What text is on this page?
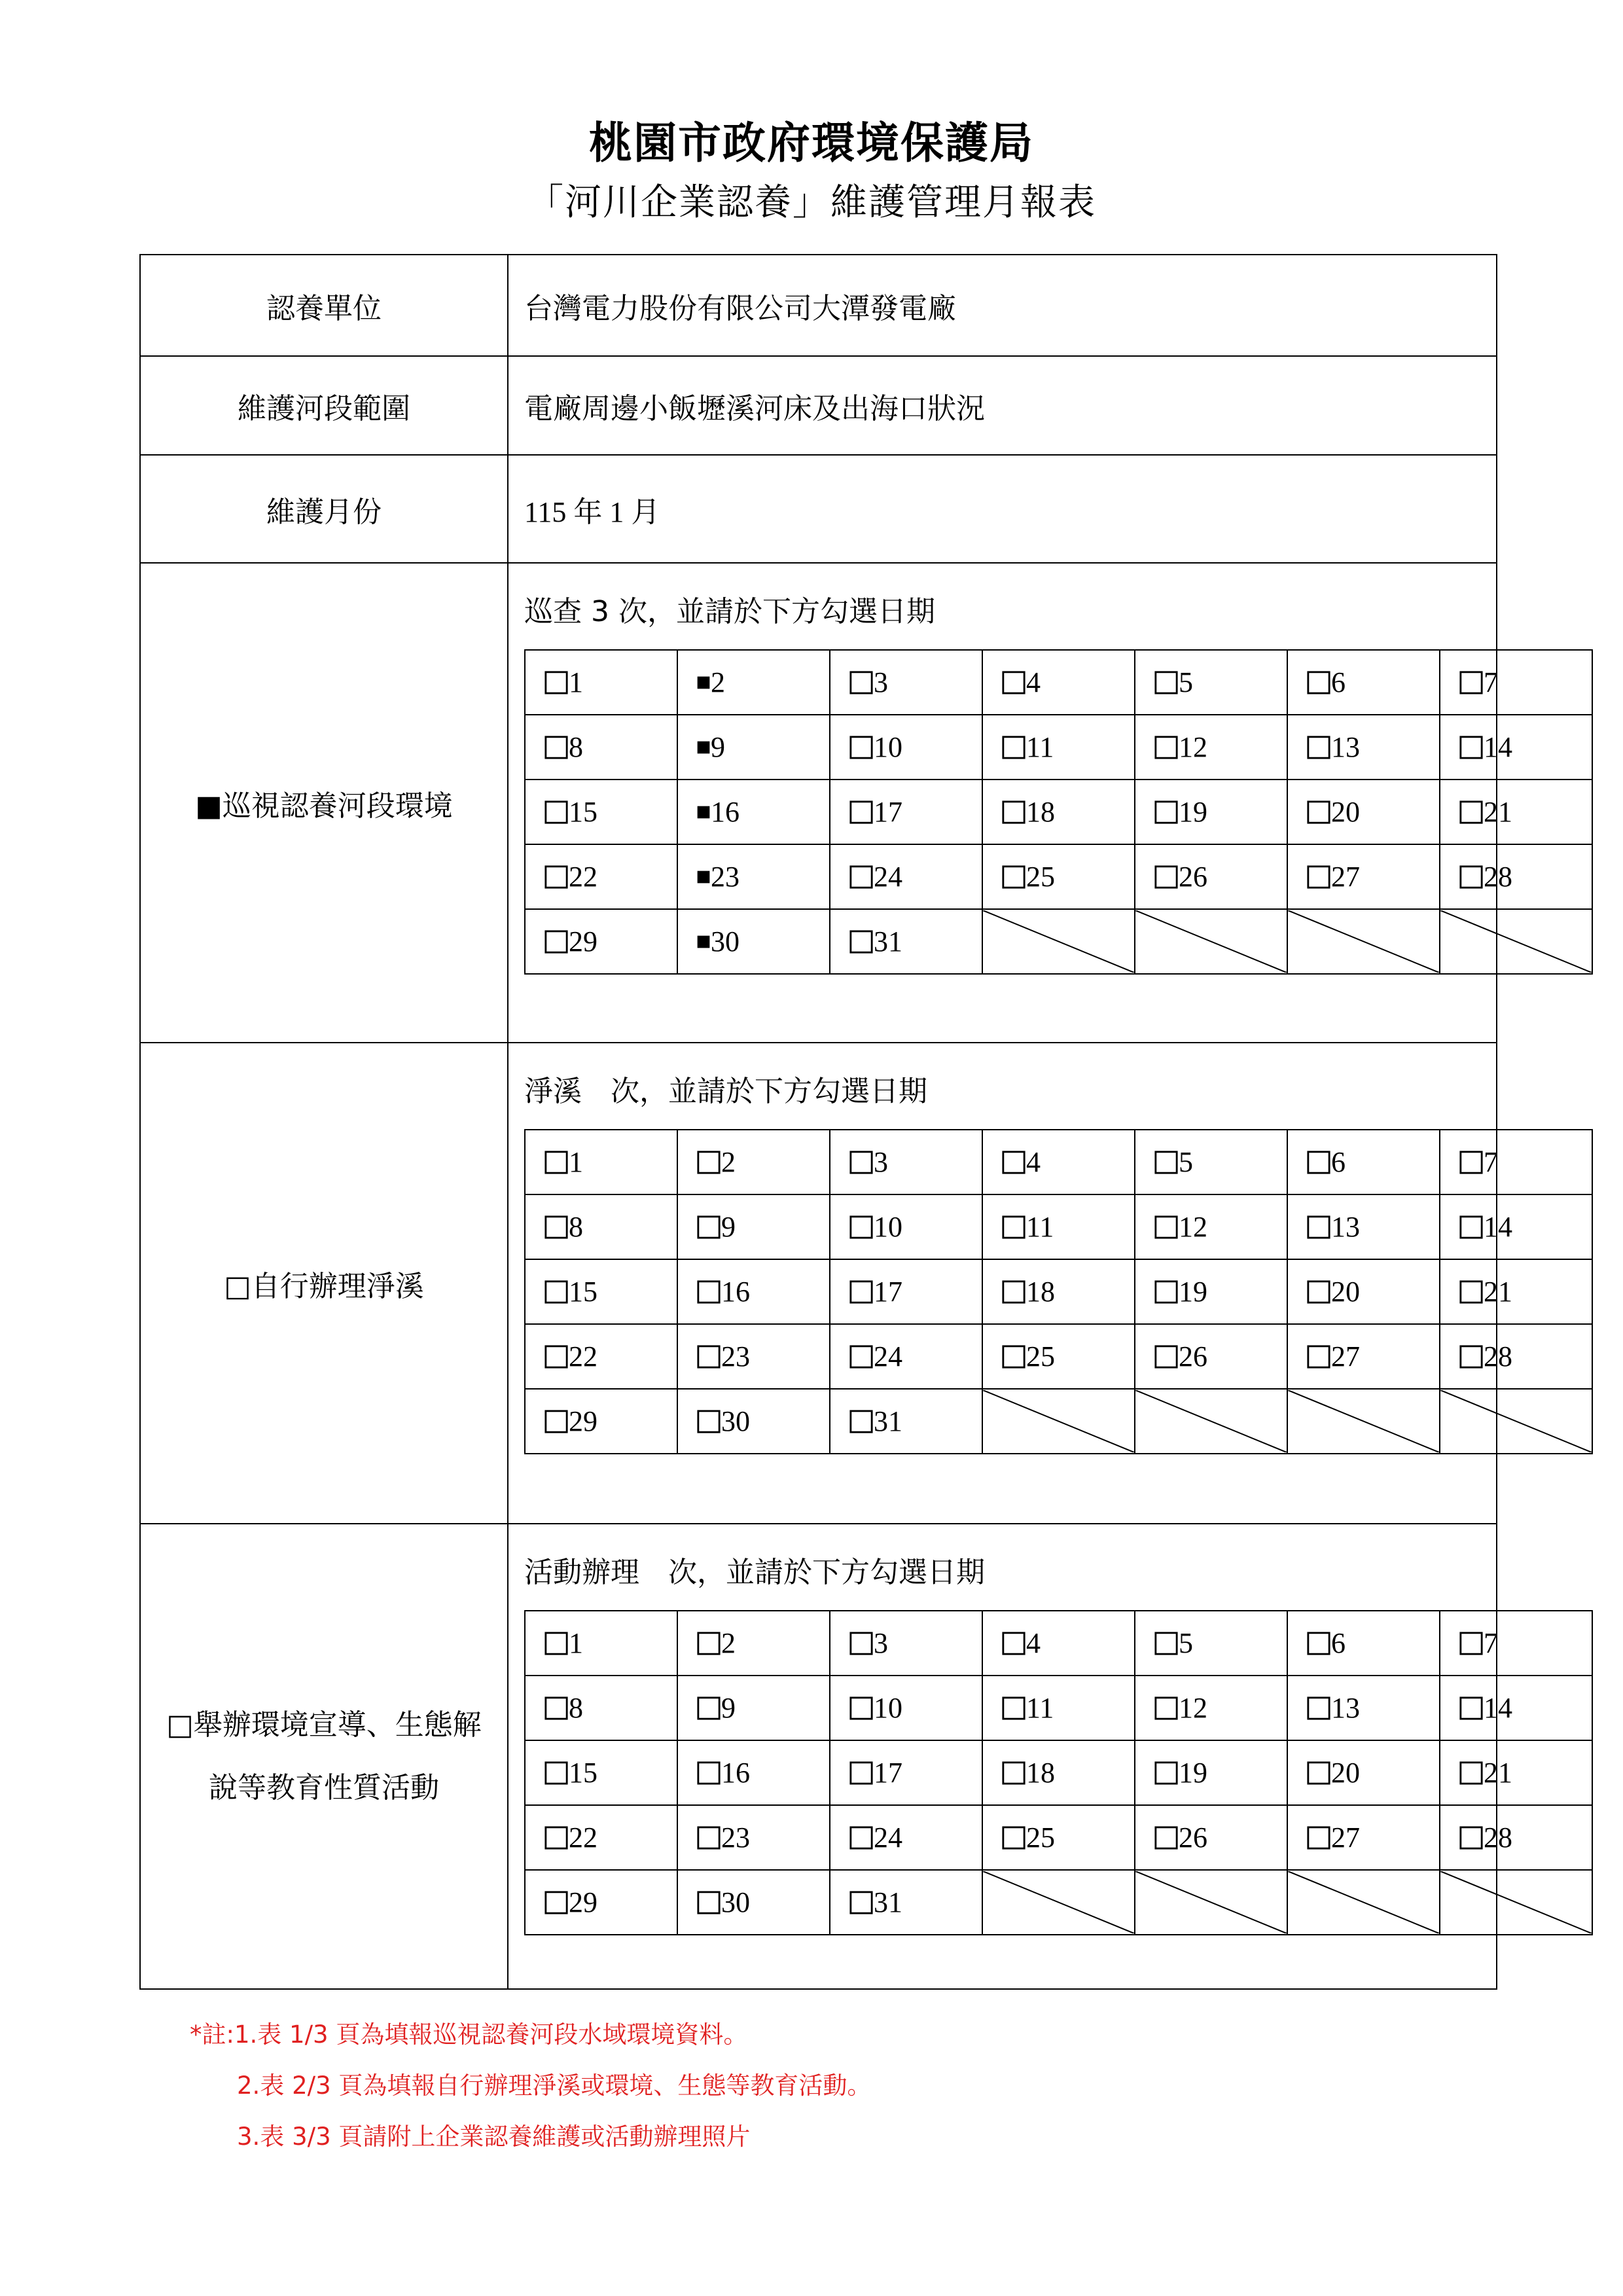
桃園市政府環境保護局
「河川企業認養」維護管理月報表
認養單位	台灣電力股份有限公司大潭發電廠
維護河段範圍	電廠周邊小飯壢溪河床及出海口狀況
維護月份	115 年 1 月
■巡視認養河段環境	
巡查 3 次，並請於下方勾選日期
1	2	3	4	5	6	7
8	9	10	11	12	13	14
15	16	17	18	19	20	21
22	23	24	25	26	27	28
29	30	31	

□自行辦理淨溪	
淨溪　次，並請於下方勾選日期
1	2	3	4	5	6	7
8	9	10	11	12	13	14
15	16	17	18	19	20	21
22	23	24	25	26	27	28
29	30	31	

□舉辦環境宣導、生態解
說等教育性質活動

活動辦理　次，並請於下方勾選日期
1	2	3	4	5	6	7
8	9	10	11	12	13	14
15	16	17	18	19	20	21
22	23	24	25	26	27	28
29	30	31	

*註:1.表 1/3 頁為填報巡視認養河段水域環境資料。
2.表 2/3 頁為填報自行辦理淨溪或環境、生態等教育活動。
3.表 3/3 頁請附上企業認養維護或活動辦理照片
